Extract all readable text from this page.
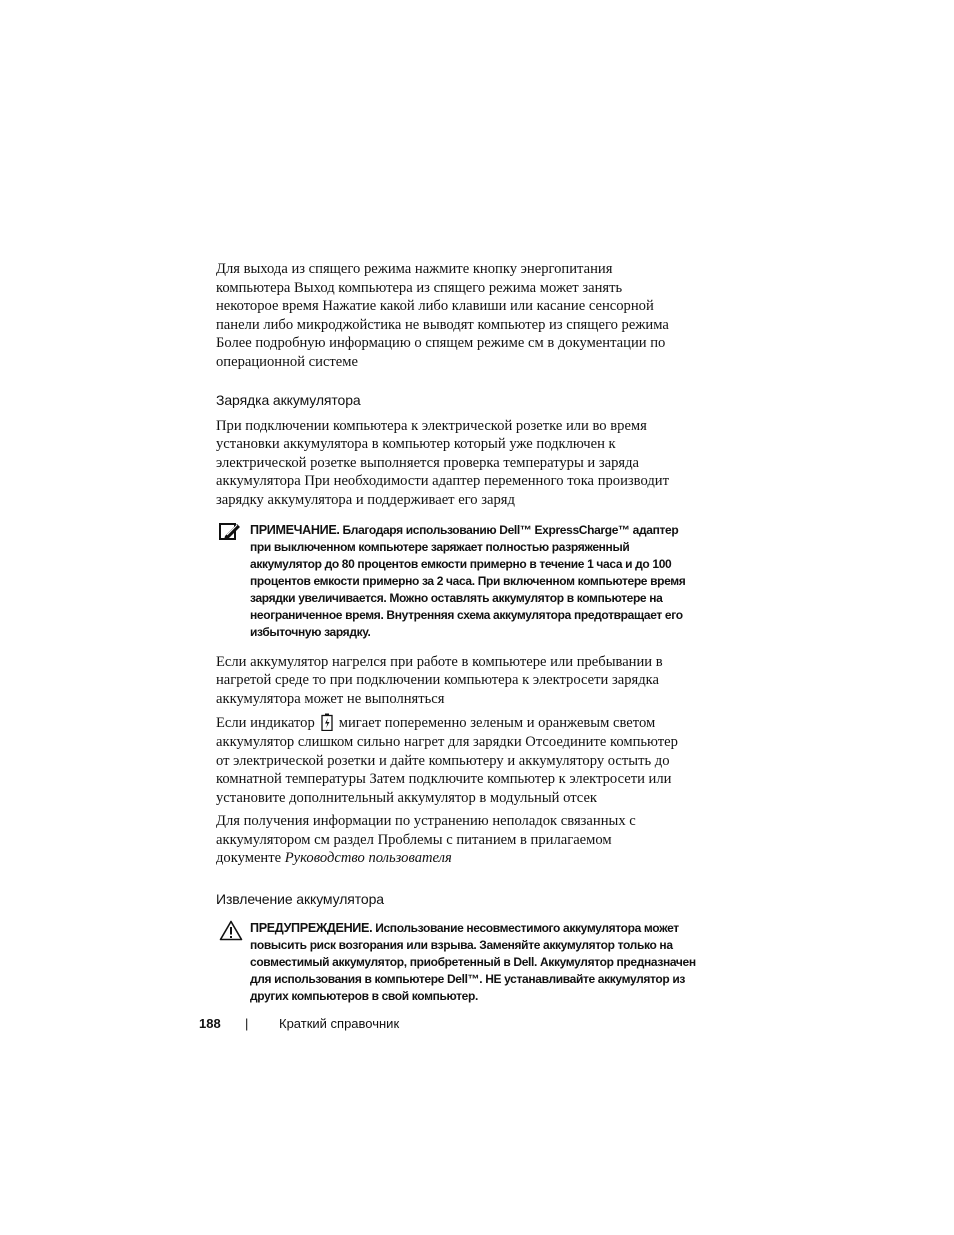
Для выхода из спящего режима нажмите кнопку энергопитания
компьютера Выход компьютера из спящего режима может занять
некоторое время Нажатие какой либо клавиши или касание сенсорной
панели либо микроджойстика не выводят компьютер из спящего режима
Более подробную информацию о спящем режиме см в документации по
операционной системе
Зарядка аккумулятора
При подключении компьютера к электрической розетке или во время
установки аккумулятора в компьютер который уже подключен к
электрической розетке выполняется проверка температуры и заряда
аккумулятора При необходимости адаптер переменного тока производит
зарядку аккумулятора и поддерживает его заряд
ПРИМЕЧАНИЕ. Благодаря использованию Dell™ ExpressCharge™ адаптер
при выключенном компьютере заряжает полностью разряженный
аккумулятор до 80 процентов емкости примерно в течение 1 часа и до 100
процентов емкости примерно за 2 часа. При включенном компьютере время
зарядки увеличивается. Можно оставлять аккумулятор в компьютере на
неограниченное время. Внутренняя схема аккумулятора предотвращает его
избыточную зарядку.
Если аккумулятор нагрелся при работе в компьютере или пребывании в
нагретой среде то при подключении компьютера к электросети зарядка
аккумулятора может не выполняться
Если индикатор мигает попеременно зеленым и оранжевым светом
аккумулятор слишком сильно нагрет для зарядки Отсоедините компьютер
от электрической розетки и дайте компьютеру и аккумулятору остыть до
комнатной температуры Затем подключите компьютер к электросети или
установите дополнительный аккумулятор в модульный отсек
Для получения информации по устранению неполадок связанных с
аккумулятором см раздел Проблемы с питанием в прилагаемом
документе Руководство пользователя
Извлечение аккумулятора
ПРЕДУПРЕЖДЕНИЕ. Использование несовместимого аккумулятора может
повысить риск возгорания или взрыва. Заменяйте аккумулятор только на
совместимый аккумулятор, приобретенный в Dell. Аккумулятор предназначен
для использования в компьютере Dell™. НЕ устанавливайте аккумулятор из
других компьютеров в свой компьютер.
188 | Краткий справочник
